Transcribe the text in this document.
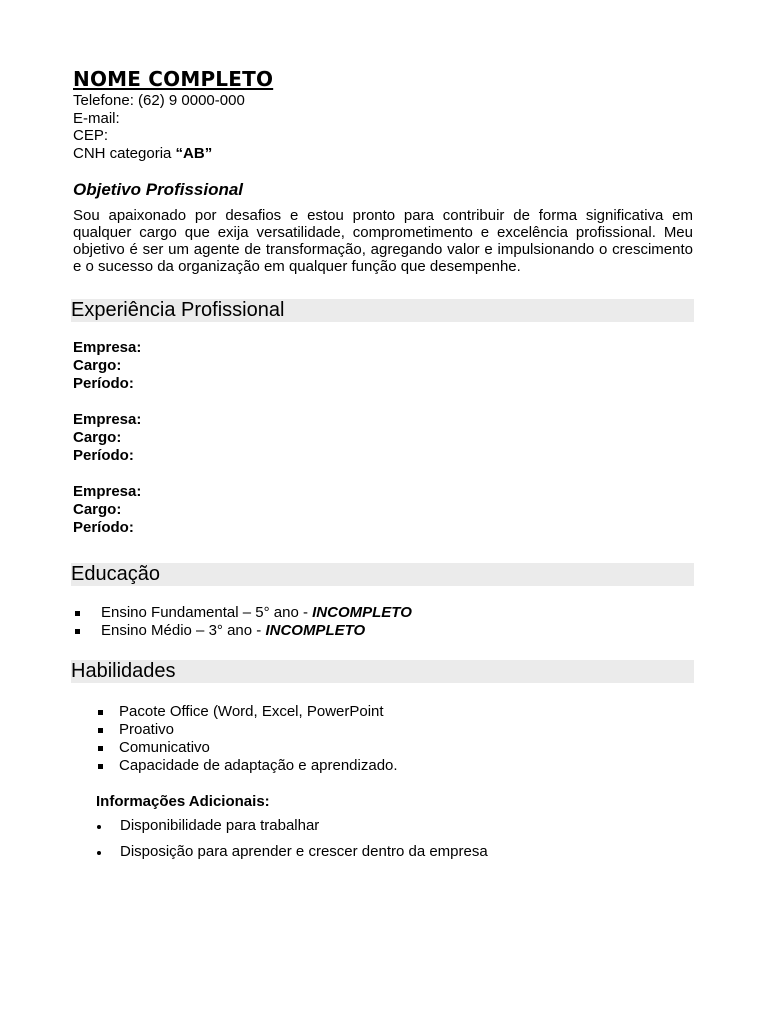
NOME COMPLETO
Telefone: (62) 9 0000-000
E-mail:
CEP:
CNH categoria “AB”
Objetivo Profissional
Sou apaixonado por desafios e estou pronto para contribuir de forma significativa em qualquer cargo que exija versatilidade, comprometimento e excelência profissional. Meu objetivo é ser um agente de transformação, agregando valor e impulsionando o crescimento e o sucesso da organização em qualquer função que desempenhe.
Experiência Profissional
Empresa:
Cargo:
Período:
Empresa:
Cargo:
Período:
Empresa:
Cargo:
Período:
Educação
Ensino Fundamental – 5° ano - INCOMPLETO
Ensino Médio – 3° ano - INCOMPLETO
Habilidades
Pacote Office (Word, Excel, PowerPoint
Proativo
Comunicativo
Capacidade de adaptação e aprendizado.
Informações Adicionais:
Disponibilidade para trabalhar
Disposição para aprender e crescer dentro da empresa
